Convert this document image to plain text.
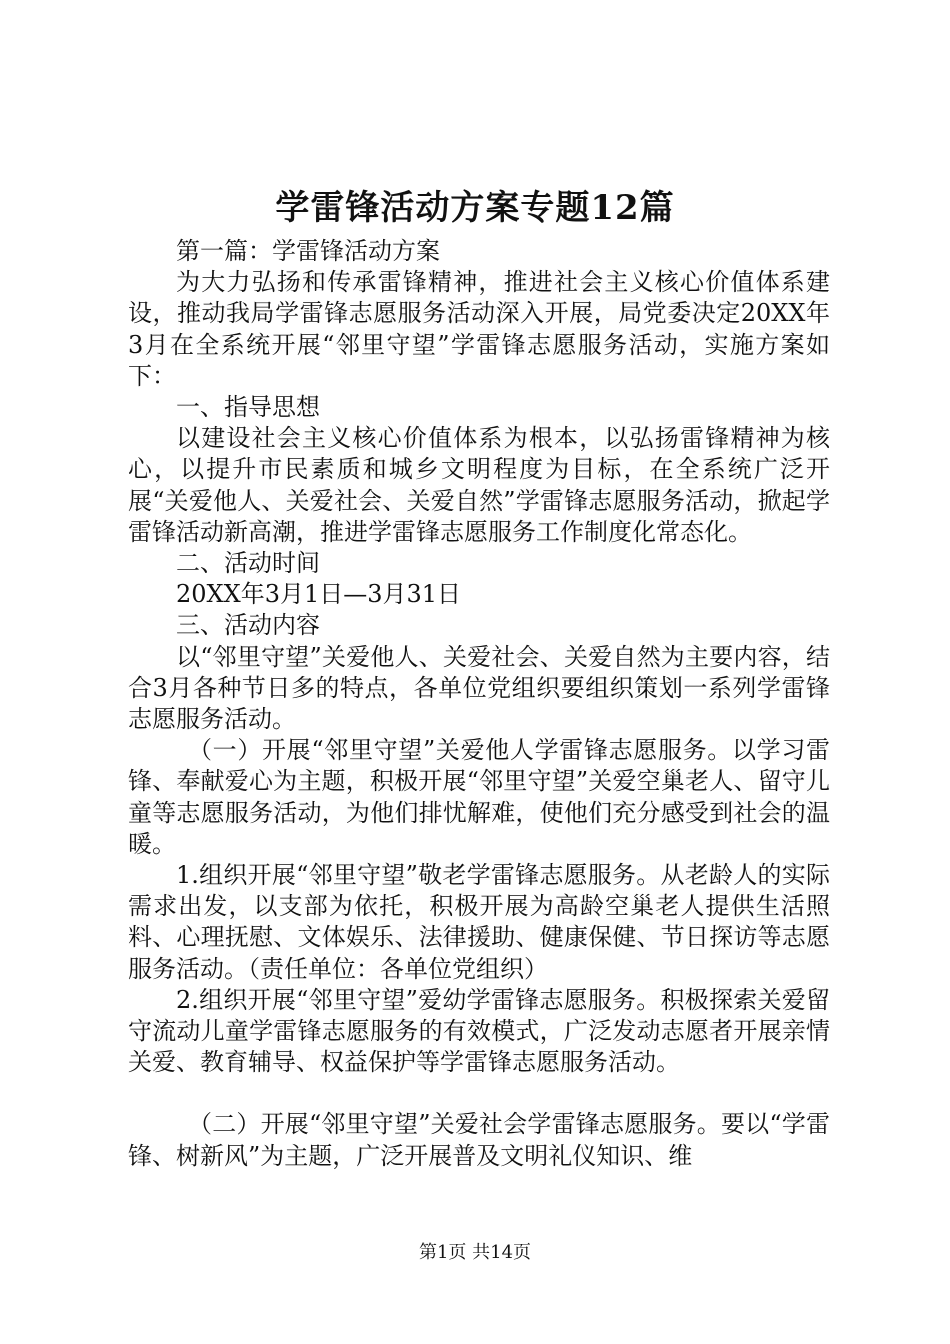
学雷锋活动方案专题12篇

第一篇：学雷锋活动方案

为大力弘扬和传承雷锋精神，推进社会主义核心价值体系建设，推动我局学雷锋志愿服务活动深入开展，局党委决定20XX年3月在全系统开展“邻里守望”学雷锋志愿服务活动，实施方案如下：

一、指导思想

以建设社会主义核心价值体系为根本，以弘扬雷锋精神为核心，以提升市民素质和城乡文明程度为目标，在全系统广泛开展“关爱他人、关爱社会、关爱自然”学雷锋志愿服务活动，掀起学雷锋活动新高潮，推进学雷锋志愿服务工作制度化常态化。

二、活动时间

20XX年3月1日—3月31日

三、活动内容

以“邻里守望”关爱他人、关爱社会、关爱自然为主要内容，结合3月各种节日多的特点，各单位党组织要组织策划一系列学雷锋志愿服务活动。

（一）开展“邻里守望”关爱他人学雷锋志愿服务。以学习雷锋、奉献爱心为主题，积极开展“邻里守望”关爱空巢老人、留守儿童等志愿服务活动，为他们排忧解难，使他们充分感受到社会的温暖。

1.组织开展“邻里守望”敬老学雷锋志愿服务。从老龄人的实际需求出发，以支部为依托，积极开展为高龄空巢老人提供生活照料、心理抚慰、文体娱乐、法律援助、健康保健、节日探访等志愿服务活动。（责任单位：各单位党组织）

2.组织开展“邻里守望”爱幼学雷锋志愿服务。积极探索关爱留守流动儿童学雷锋志愿服务的有效模式，广泛发动志愿者开展亲情关爱、教育辅导、权益保护等学雷锋志愿服务活动。

（二）开展“邻里守望”关爱社会学雷锋志愿服务。要以“学雷锋、树新风”为主题，广泛开展普及文明礼仪知识、维

第1页 共14页
